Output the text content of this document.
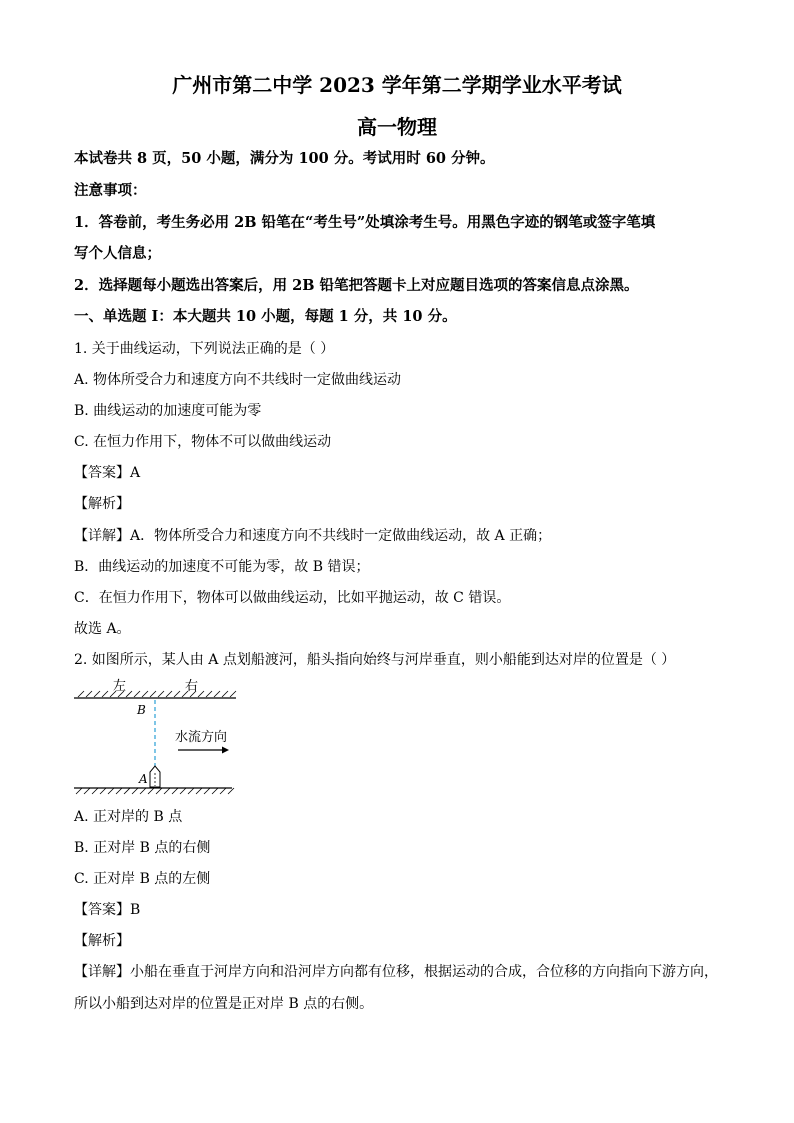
广州市第二中学 2023 学年第二学期学业水平考试
高一物理
本试卷共 8 页，50 小题，满分为 100 分。考试用时 60 分钟。
注意事项：
1．答卷前，考生务必用 2B 铅笔在“考生号”处填涂考生号。用黑色字迹的钢笔或签字笔填
写个人信息；
2．选择题每小题选出答案后，用 2B 铅笔把答题卡上对应题目选项的答案信息点涂黑。
一、单选题 I：本大题共 10 小题，每题 1 分，共 10 分。
1. 关于曲线运动，下列说法正确的是（ ）
A. 物体所受合力和速度方向不共线时一定做曲线运动
B. 曲线运动的加速度可能为零
C. 在恒力作用下，物体不可以做曲线运动
【答案】A
【解析】
【详解】A．物体所受合力和速度方向不共线时一定做曲线运动，故 A 正确；
B．曲线运动的加速度不可能为零，故 B 错误；
C．在恒力作用下，物体可以做曲线运动，比如平抛运动，故 C 错误。
故选 A。
2. 如图所示，某人由 A 点划船渡河，船头指向始终与河岸垂直，则小船能到达对岸的位置是（ ）
左	右
B
A
水流方向
A. 正对岸的 B 点
B. 正对岸 B 点的右侧
C. 正对岸 B 点的左侧
【答案】B
【解析】
【详解】小船在垂直于河岸方向和沿河岸方向都有位移，根据运动的合成，合位移的方向指向下游方向，
所以小船到达对岸的位置是正对岸 B 点的右侧。
